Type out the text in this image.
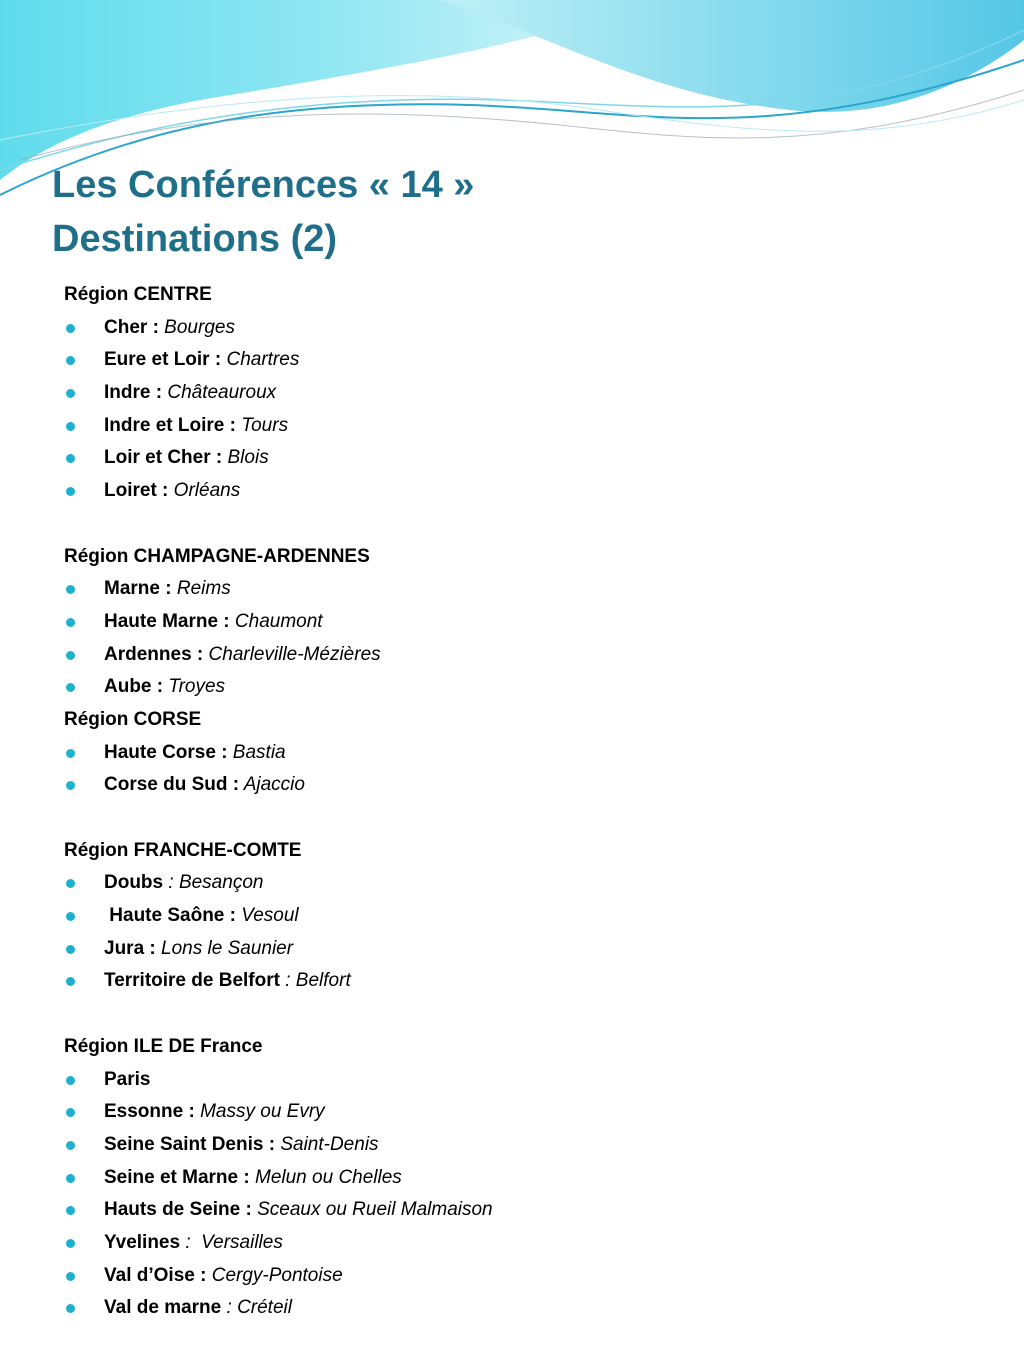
Les Conférences « 14 »
Destinations (2)
Région CENTRE
Cher : Bourges
Eure et Loir : Chartres
Indre : Châteauroux
Indre et Loire : Tours
Loir et Cher : Blois
Loiret : Orléans
Région CHAMPAGNE-ARDENNES
Marne : Reims
Haute Marne : Chaumont
Ardennes : Charleville-Mézières
Aube : Troyes
Région CORSE
Haute Corse : Bastia
Corse du Sud : Ajaccio
Région FRANCHE-COMTE
Doubs : Besançon
Haute Saône : Vesoul
Jura : Lons le Saunier
Territoire de Belfort : Belfort
Région ILE DE France
Paris
Essonne : Massy ou Evry
Seine Saint Denis : Saint-Denis
Seine et Marne : Melun ou Chelles
Hauts de Seine : Sceaux ou Rueil Malmaison
Yvelines :  Versailles
Val d’Oise : Cergy-Pontoise
Val de marne : Créteil
